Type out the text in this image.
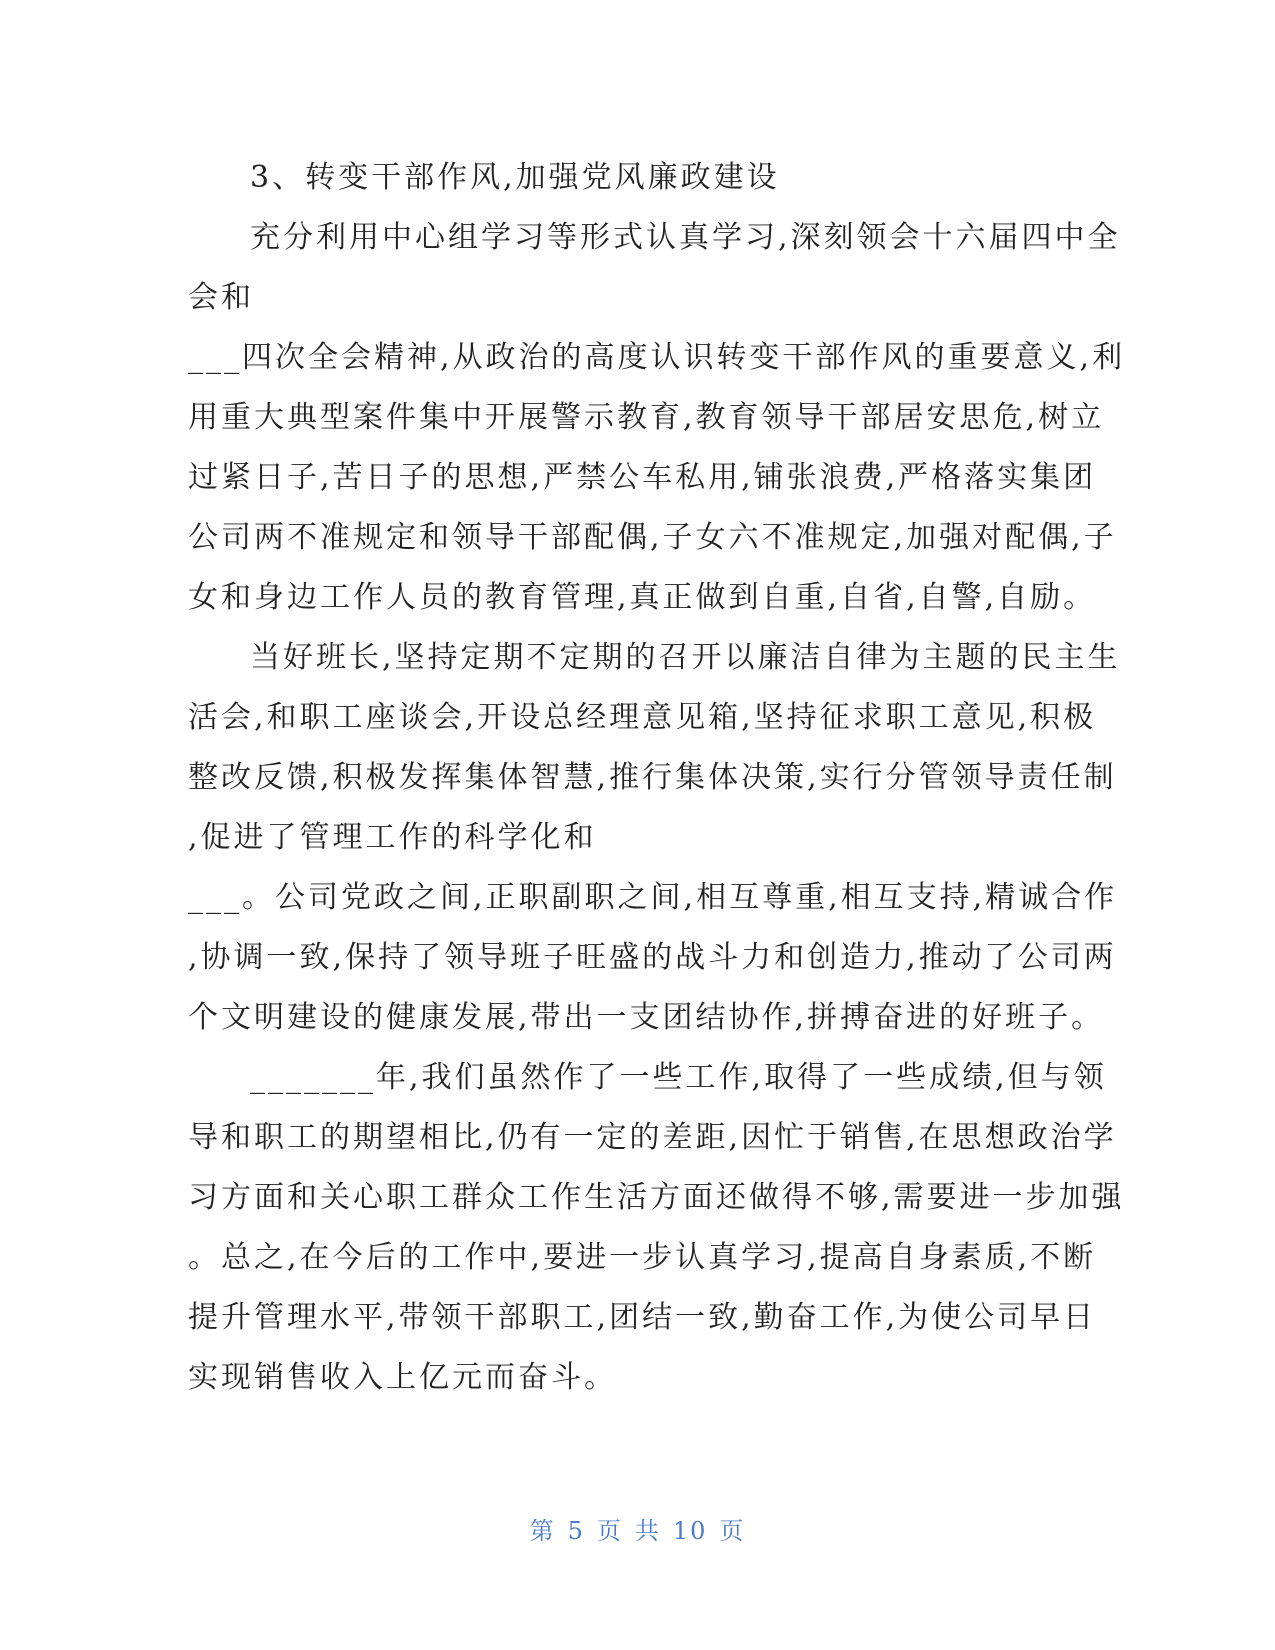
3、转变干部作风,加强党风廉政建设
充分利用中心组学习等形式认真学习,深刻领会十六届四中全
会和
___四次全会精神,从政治的高度认识转变干部作风的重要意义,利
用重大典型案件集中开展警示教育,教育领导干部居安思危,树立
过紧日子,苦日子的思想,严禁公车私用,铺张浪费,严格落实集团
公司两不准规定和领导干部配偶,子女六不准规定,加强对配偶,子
女和身边工作人员的教育管理,真正做到自重,自省,自警,自励。
当好班长,坚持定期不定期的召开以廉洁自律为主题的民主生
活会,和职工座谈会,开设总经理意见箱,坚持征求职工意见,积极
整改反馈,积极发挥集体智慧,推行集体决策,实行分管领导责任制
,促进了管理工作的科学化和
___。公司党政之间,正职副职之间,相互尊重,相互支持,精诚合作
,协调一致,保持了领导班子旺盛的战斗力和创造力,推动了公司两
个文明建设的健康发展,带出一支团结协作,拼搏奋进的好班子。
_______年,我们虽然作了一些工作,取得了一些成绩,但与领
导和职工的期望相比,仍有一定的差距,因忙于销售,在思想政治学
习方面和关心职工群众工作生活方面还做得不够,需要进一步加强
。总之,在今后的工作中,要进一步认真学习,提高自身素质,不断
提升管理水平,带领干部职工,团结一致,勤奋工作,为使公司早日
实现销售收入上亿元而奋斗。
第 5 页 共 10 页
